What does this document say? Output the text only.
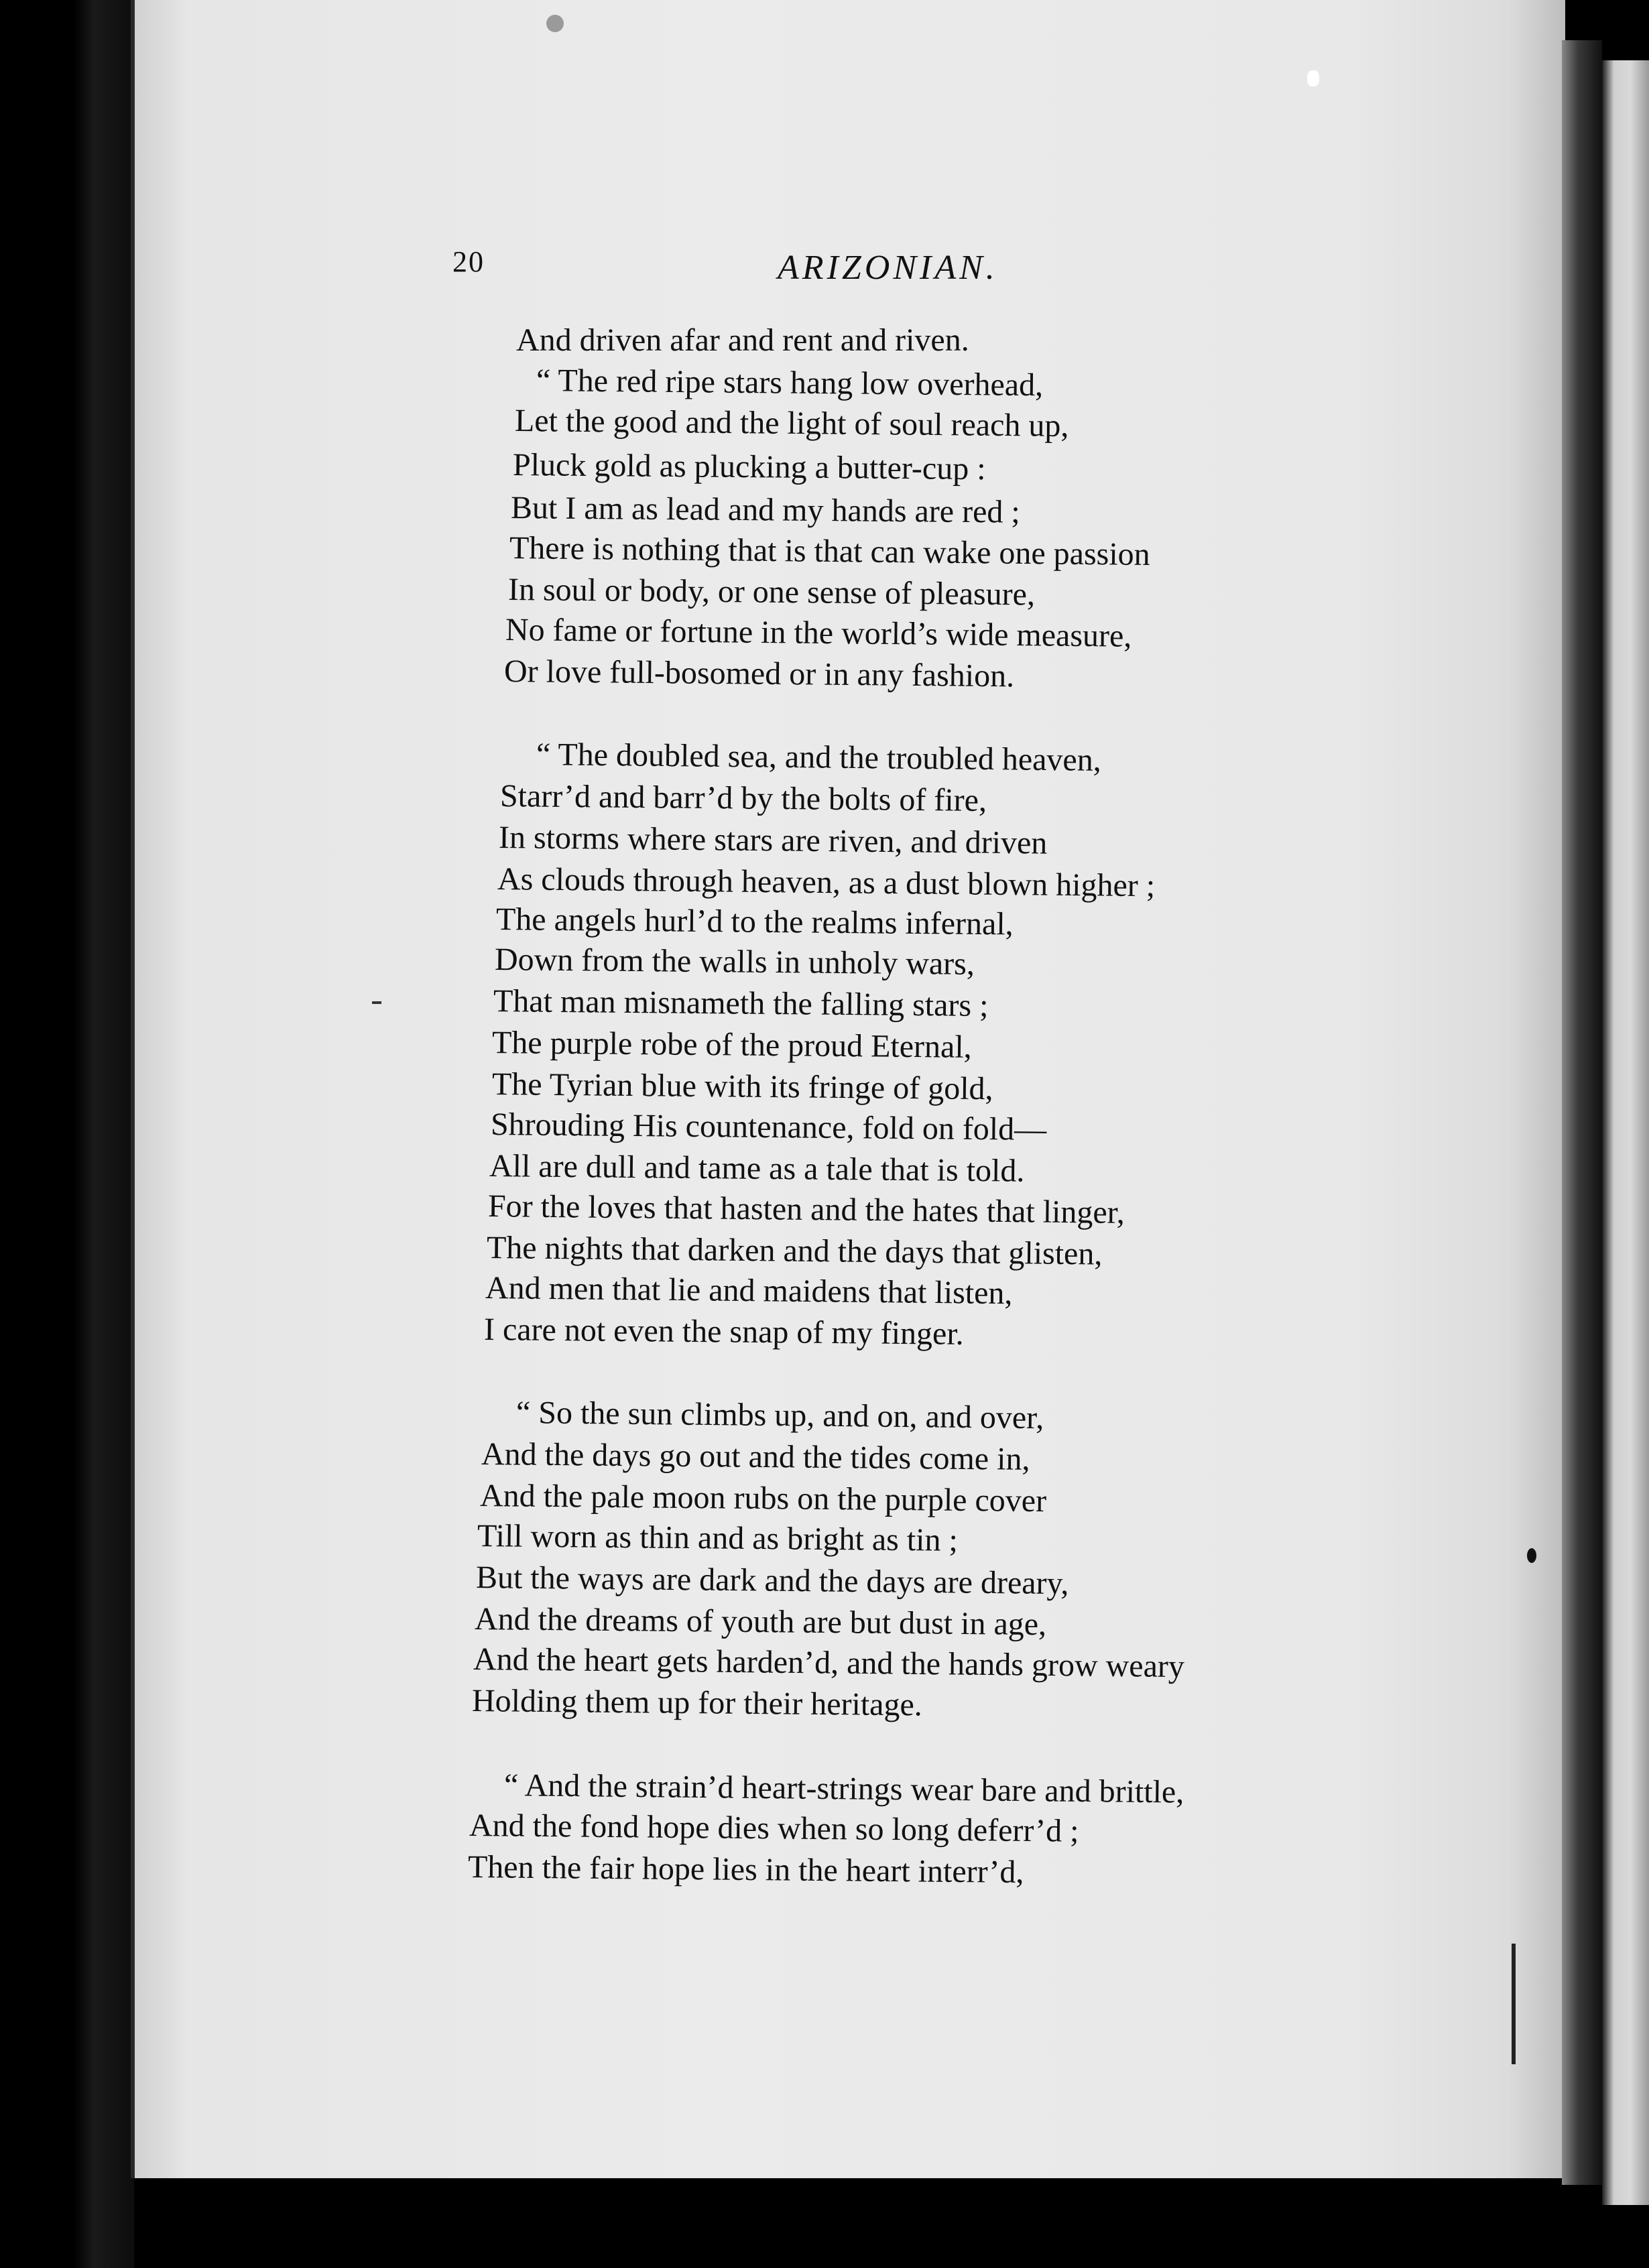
20	ARIZONIAN.
And driven afar and rent and riven.
“ The red ripe stars hang low overhead,
Let the good and the light of soul reach up,
Pluck gold as plucking a butter-cup :
But I am as lead and my hands are red ;
There is nothing that is that can wake one passion
In soul or body, or one sense of pleasure,
No fame or fortune in the world’s wide measure,
Or love full-bosomed or in any fashion.
“ The doubled sea, and the troubled heaven,
Starr’d and barr’d by the bolts of fire,
In storms where stars are riven, and driven
As clouds through heaven, as a dust blown higher ;
The angels hurl’d to the realms infernal,
Down from the walls in unholy wars,
That man misnameth the falling stars ;
The purple robe of the proud Eternal,
The Tyrian blue with its fringe of gold,
Shrouding His countenance, fold on fold—
All are dull and tame as a tale that is told.
For the loves that hasten and the hates that linger,
The nights that darken and the days that glisten,
And men that lie and maidens that listen,
I care not even the snap of my finger.
“ So the sun climbs up, and on, and over,
And the days go out and the tides come in,
And the pale moon rubs on the purple cover
Till worn as thin and as bright as tin ;
But the ways are dark and the days are dreary,
And the dreams of youth are but dust in age,
And the heart gets harden’d, and the hands grow weary
Holding them up for their heritage.
“ And the strain’d heart-strings wear bare and brittle,
And the fond hope dies when so long deferr’d ;
Then the fair hope lies in the heart interr’d,
